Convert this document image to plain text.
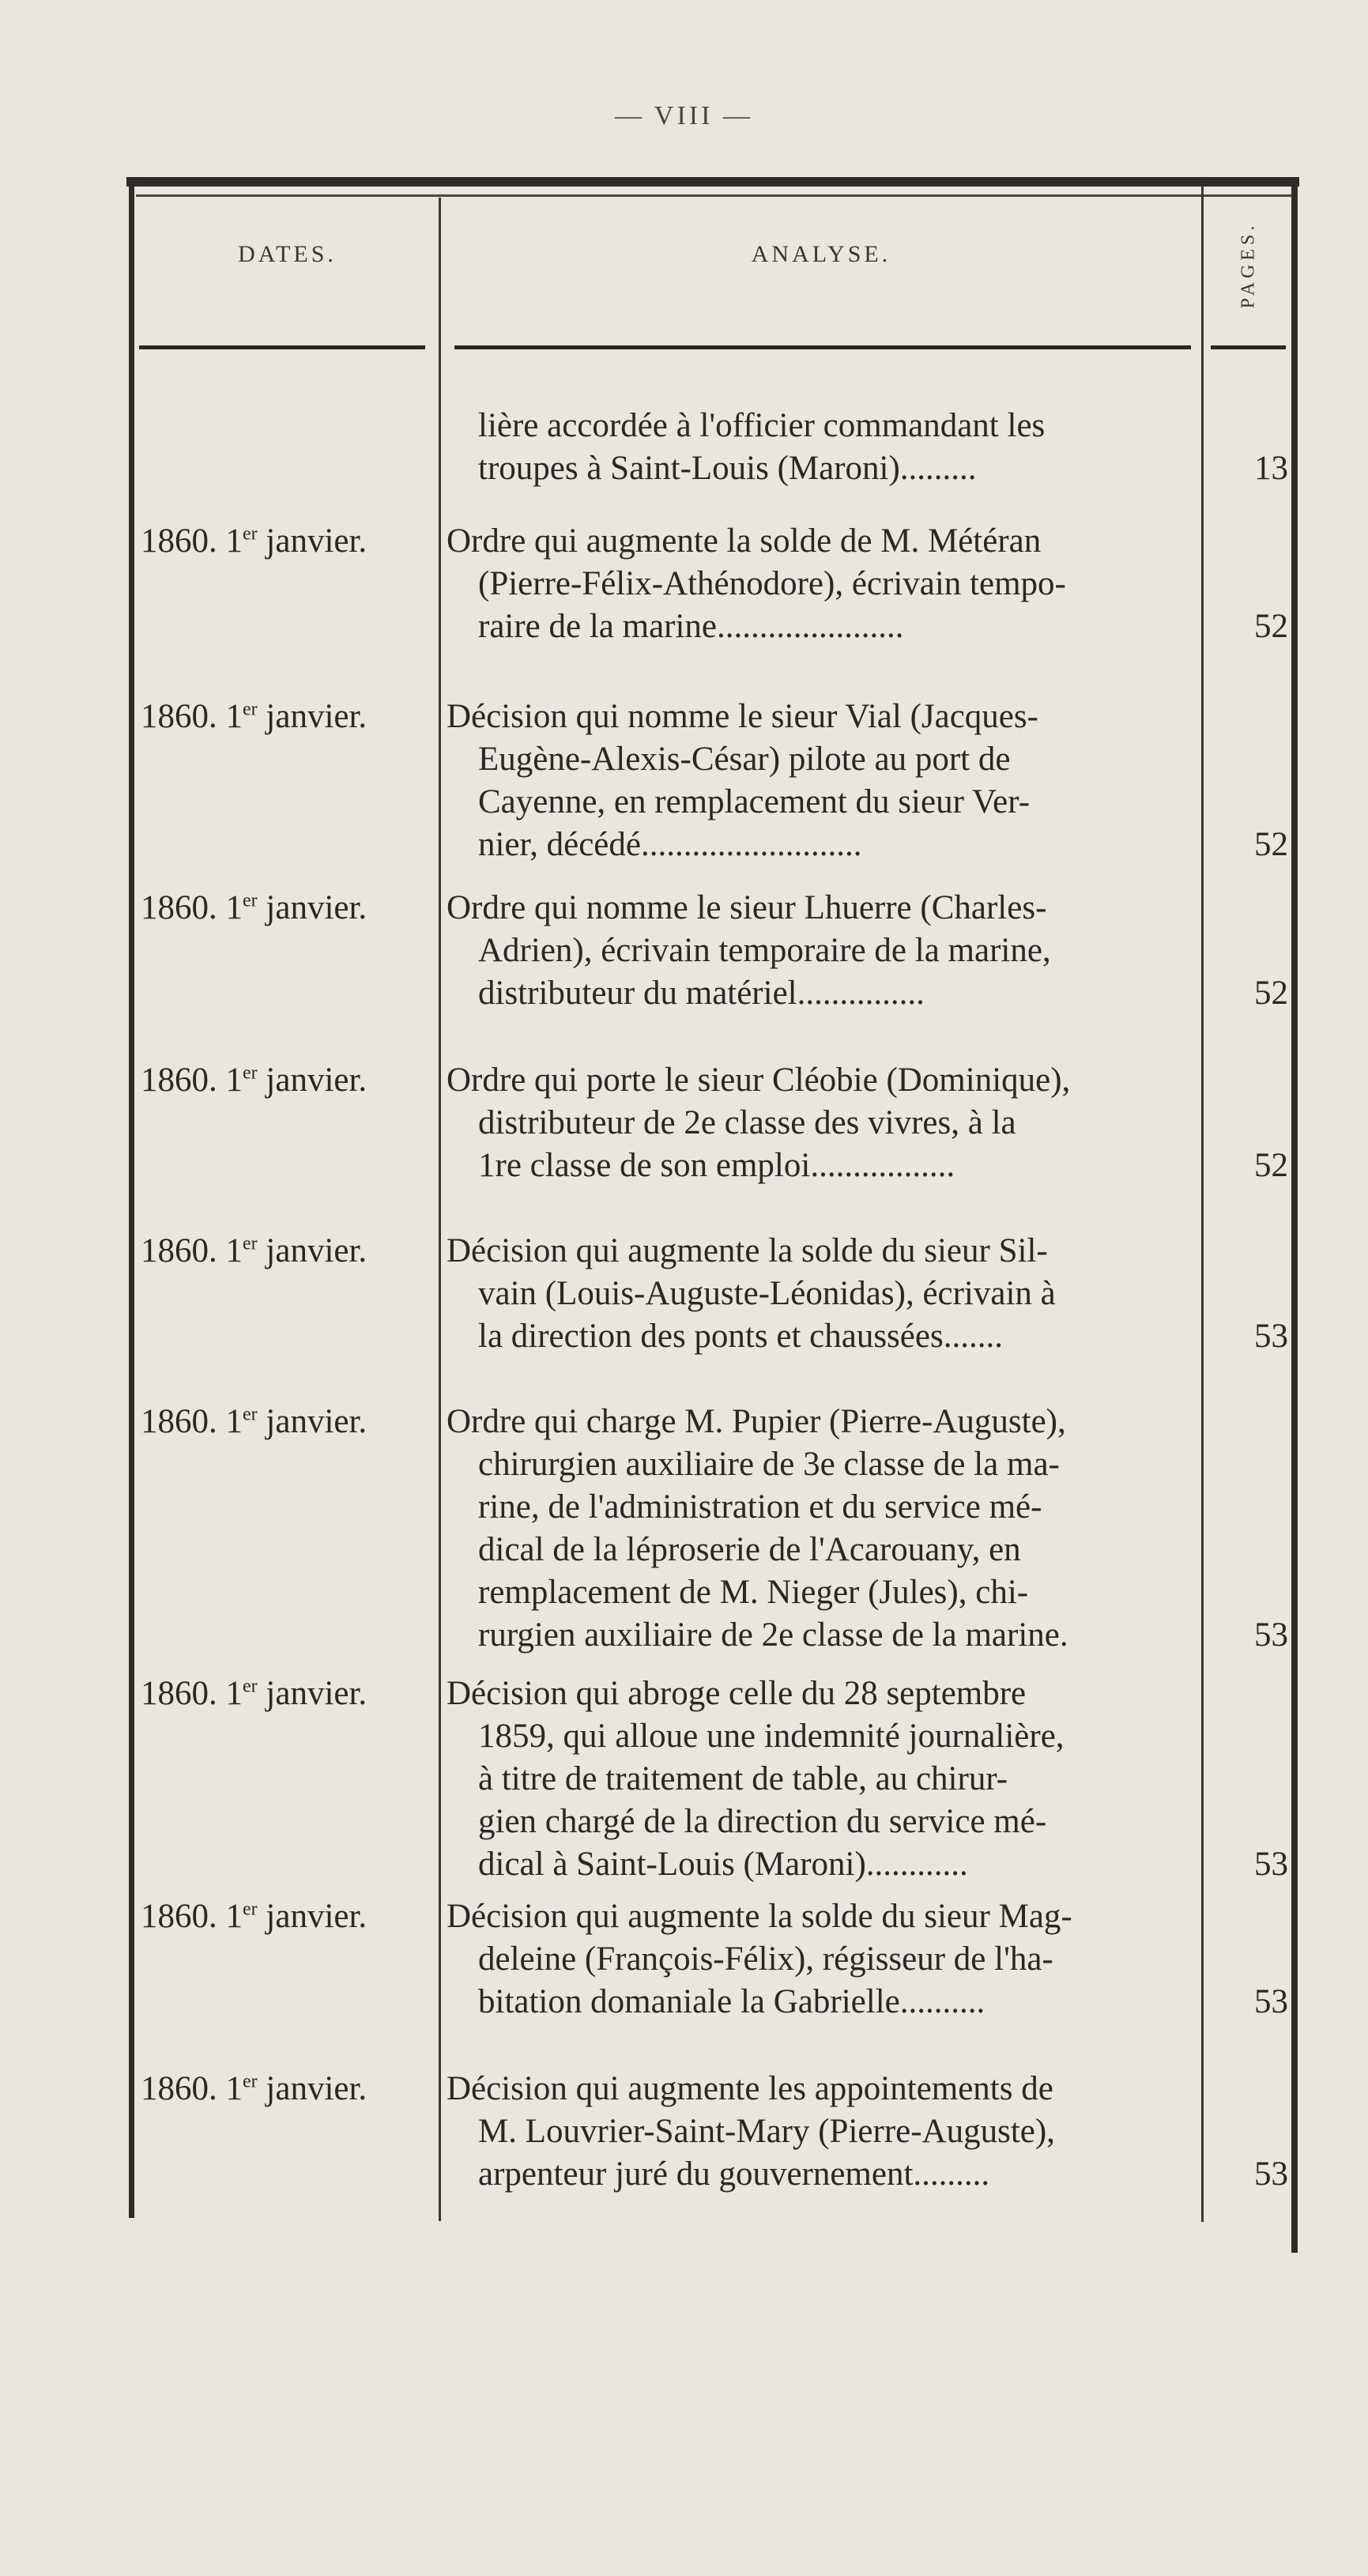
— VIII —
DATES.	ANALYSE.	PAGES.
lière accordée à l'officier commandant les
troupes à Saint-Louis (Maroni).........	13
1860. 1er janvier.	Ordre qui augmente la solde de M. Météran
(Pierre-Félix-Athénodore), écrivain tempo-
raire de la marine......................	52
1860. 1er janvier.	Décision qui nomme le sieur Vial (Jacques-
Eugène-Alexis-César) pilote au port de
Cayenne, en remplacement du sieur Ver-
nier, décédé..........................	52
1860. 1er janvier.	Ordre qui nomme le sieur Lhuerre (Charles-
Adrien), écrivain temporaire de la marine,
distributeur du matériel...............	52
1860. 1er janvier.	Ordre qui porte le sieur Cléobie (Dominique),
distributeur de 2e classe des vivres, à la
1re classe de son emploi.................	52
1860. 1er janvier.	Décision qui augmente la solde du sieur Sil-
vain (Louis-Auguste-Léonidas), écrivain à
la direction des ponts et chaussées.......	53
1860. 1er janvier.	Ordre qui charge M. Pupier (Pierre-Auguste),
chirurgien auxiliaire de 3e classe de la ma-
rine, de l'administration et du service mé-
dical de la léproserie de l'Acarouany, en
remplacement de M. Nieger (Jules), chi-
rurgien auxiliaire de 2e classe de la marine.	53
1860. 1er janvier.	Décision qui abroge celle du 28 septembre
1859, qui alloue une indemnité journalière,
à titre de traitement de table, au chirur-
gien chargé de la direction du service mé-
dical à Saint-Louis (Maroni)............	53
1860. 1er janvier.	Décision qui augmente la solde du sieur Mag-
deleine (François-Félix), régisseur de l'ha-
bitation domaniale la Gabrielle..........	53
1860. 1er janvier.	Décision qui augmente les appointements de
M. Louvrier-Saint-Mary (Pierre-Auguste),
arpenteur juré du gouvernement.........	53
